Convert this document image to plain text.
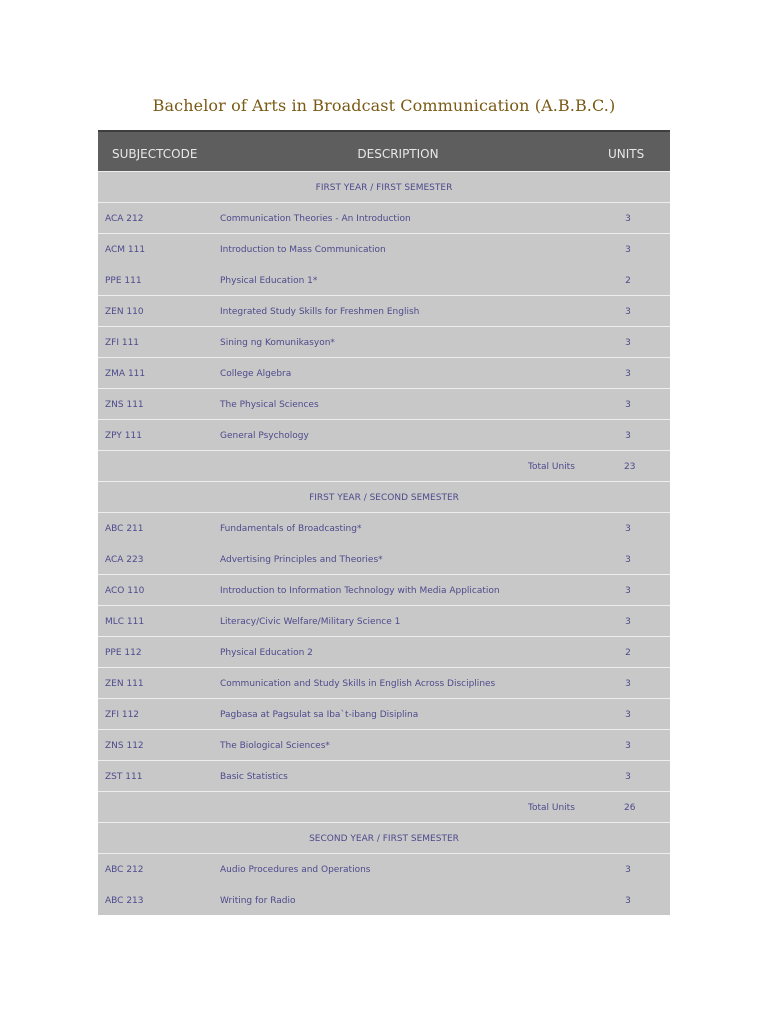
Bachelor of Arts in Broadcast Communication (A.B.B.C.)
SUBJECTCODE	DESCRIPTION	UNITS
FIRST YEAR / FIRST SEMESTER
ACA 212	Communication Theories - An Introduction	3
ACM 111	Introduction to Mass Communication	3
PPE 111	Physical Education 1*	2
ZEN 110	Integrated Study Skills for Freshmen English	3
ZFI 111	Sining ng Komunikasyon*	3
ZMA 111	College Algebra	3
ZNS 111	The Physical Sciences	3
ZPY 111	General Psychology	3
Total Units	23
FIRST YEAR / SECOND SEMESTER
ABC 211	Fundamentals of Broadcasting*	3
ACA 223	Advertising Principles and Theories*	3
ACO 110	Introduction to Information Technology with Media Application	3
MLC 111	Literacy/Civic Welfare/Military Science 1	3
PPE 112	Physical Education 2	2
ZEN 111	Communication and Study Skills in English Across Disciplines	3
ZFI 112	Pagbasa at Pagsulat sa Iba`t-ibang Disiplina	3
ZNS 112	The Biological Sciences*	3
ZST 111	Basic Statistics	3
Total Units	26
SECOND YEAR / FIRST SEMESTER
ABC 212	Audio Procedures and Operations	3
ABC 213	Writing for Radio	3
